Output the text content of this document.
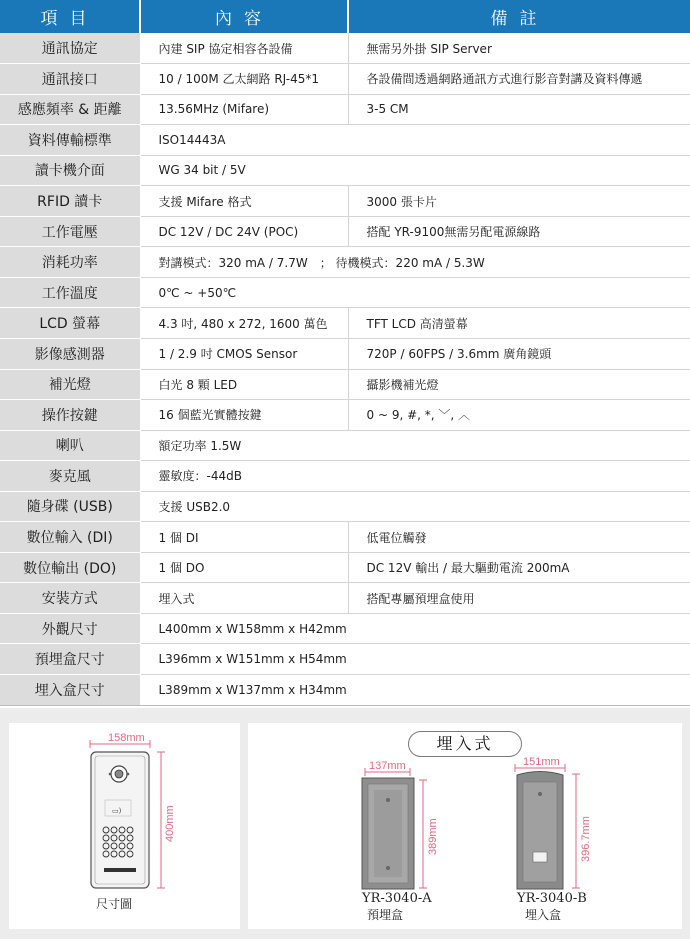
項目	內容	備註
通訊協定	內建 SIP 協定相容各設備	無需另外掛 SIP Server
通訊接口	10 / 100M 乙太網路 RJ-45*1	各設備間透過網路通訊方式進行影音對講及資料傳遞
感應頻率 & 距離	13.56MHz (Mifare)	3-5 CM
資料傳輸標準	ISO14443A	
讀卡機介面	WG 34 bit / 5V	
RFID 讀卡	支援 Mifare 格式	3000 張卡片
工作電壓	DC 12V / DC 24V (POC)	搭配 YR-9100無需另配電源線路
消耗功率	對講模式：320 mA / 7.7W　； 待機模式：220 mA / 5.3W	
工作溫度	0℃ ~ +50℃	
LCD 螢幕	4.3 吋, 480 x 272, 1600 萬色	TFT LCD 高清螢幕
影像感測器	1 / 2.9 吋 CMOS Sensor	720P / 60FPS / 3.6mm 廣角鏡頭
補光燈	白光 8 顆 LED	攝影機補光燈
操作按鍵	16 個藍光實體按鍵	0 ~ 9, #, *, ﹀, ︿
喇叭	額定功率 1.5W	
麥克風	靈敏度：-44dB	
隨身碟 (USB)	支援 USB2.0	
數位輸入 (DI)	1 個 DI	低電位觸發
數位輸出 (DO)	1 個 DO	DC 12V 輸出 / 最大驅動電流 200mA
安裝方式	埋入式	搭配專屬預埋盒使用
外觀尺寸	L400mm x W158mm x H42mm	
預埋盒尺寸	L396mm x W151mm x H54mm	
埋入盒尺寸	L389mm x W137mm x H34mm	
158mm
400mm
▭)
137mm
389mm
151mm
396.7mm
尺寸圖
埋入式
YR-3040-A
預埋盒
YR-3040-B
埋入盒
